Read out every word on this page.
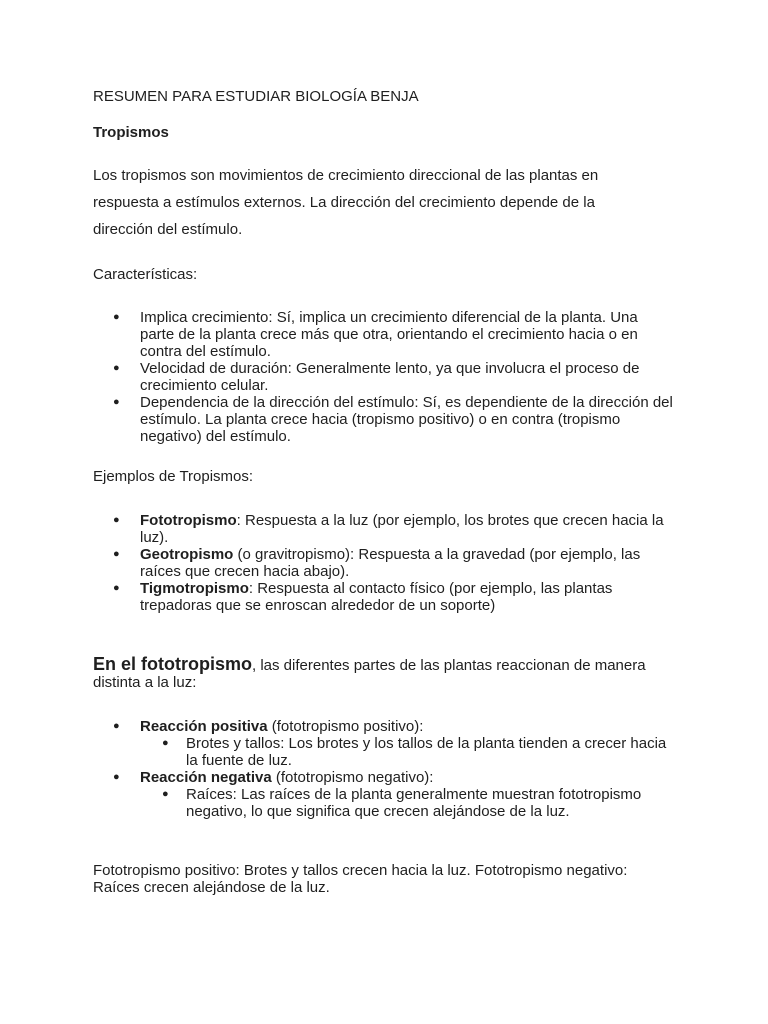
RESUMEN PARA ESTUDIAR BIOLOGÍA BENJA

Tropismos

Los tropismos son movimientos de crecimiento direccional de las plantas en respuesta a estímulos externos. La dirección del crecimiento depende de la dirección del estímulo.

Características:

● Implica crecimiento: Sí, implica un crecimiento diferencial de la planta. Una parte de la planta crece más que otra, orientando el crecimiento hacia o en contra del estímulo.
● Velocidad de duración: Generalmente lento, ya que involucra el proceso de crecimiento celular.
● Dependencia de la dirección del estímulo: Sí, es dependiente de la dirección del estímulo. La planta crece hacia (tropismo positivo) o en contra (tropismo negativo) del estímulo.

Ejemplos de Tropismos:

● Fototropismo: Respuesta a la luz (por ejemplo, los brotes que crecen hacia la luz).
● Geotropismo (o gravitropismo): Respuesta a la gravedad (por ejemplo, las raíces que crecen hacia abajo).
● Tigmotropismo: Respuesta al contacto físico (por ejemplo, las plantas trepadoras que se enroscan alrededor de un soporte)

En el fototropismo, las diferentes partes de las plantas reaccionan de manera distinta a la luz:

● Reacción positiva (fototropismo positivo):
● Brotes y tallos: Los brotes y los tallos de la planta tienden a crecer hacia la fuente de luz.
● Reacción negativa (fototropismo negativo):
● Raíces: Las raíces de la planta generalmente muestran fototropismo negativo, lo que significa que crecen alejándose de la luz.

Fototropismo positivo: Brotes y tallos crecen hacia la luz. Fototropismo negativo: Raíces crecen alejándose de la luz.
